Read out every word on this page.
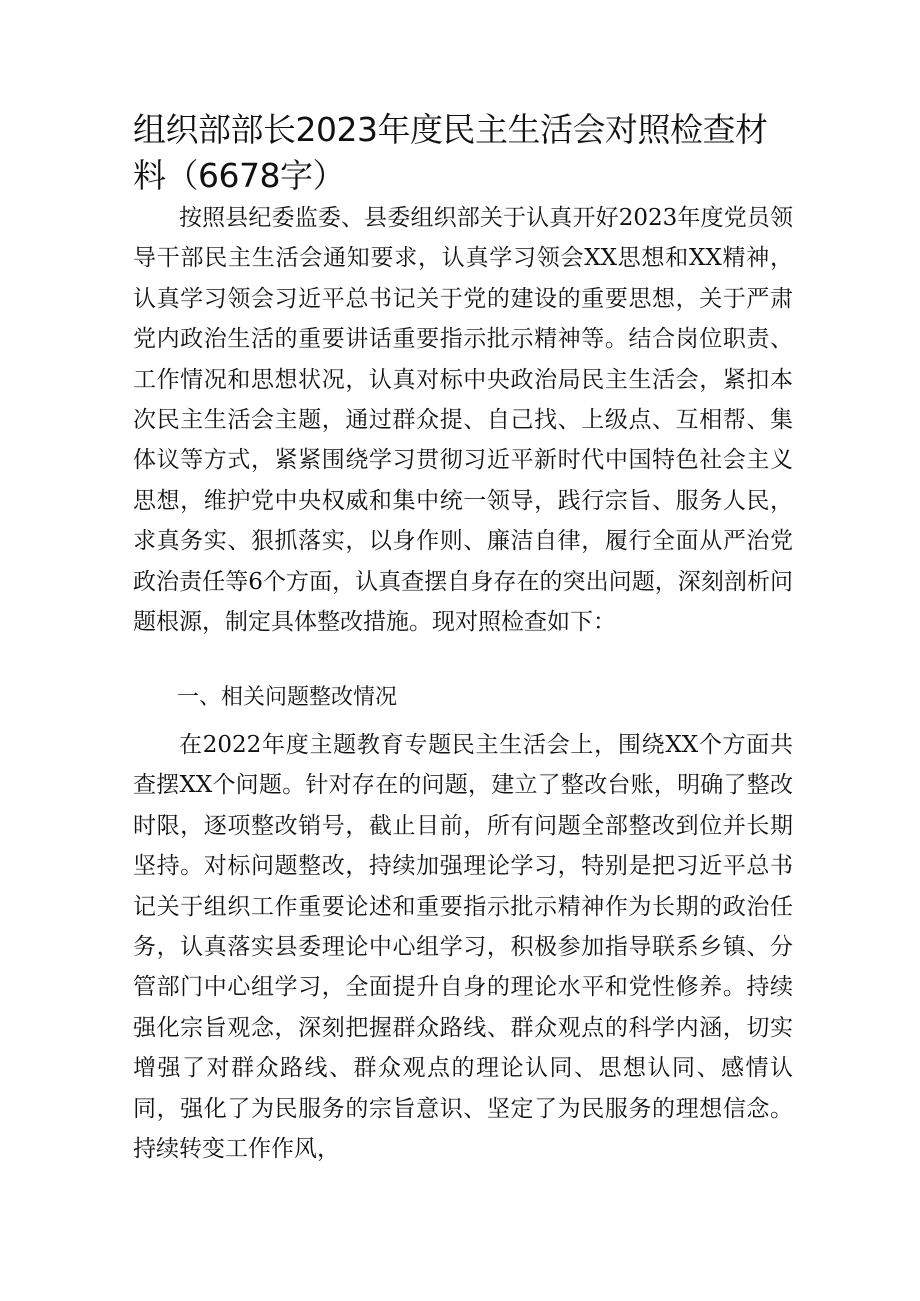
组织部部长2023年度民主生活会对照检查材料（6678字）

按照县纪委监委、县委组织部关于认真开好2023年度党员领导干部民主生活会通知要求，认真学习领会XX思想和XX精神，认真学习领会习近平总书记关于党的建设的重要思想，关于严肃党内政治生活的重要讲话重要指示批示精神等。结合岗位职责、工作情况和思想状况，认真对标中央政治局民主生活会，紧扣本次民主生活会主题，通过群众提、自己找、上级点、互相帮、集体议等方式，紧紧围绕学习贯彻习近平新时代中国特色社会主义思想，维护党中央权威和集中统一领导，践行宗旨、服务人民，求真务实、狠抓落实，以身作则、廉洁自律，履行全面从严治党政治责任等6个方面，认真查摆自身存在的突出问题，深刻剖析问题根源，制定具体整改措施。现对照检查如下：

一、相关问题整改情况

在2022年度主题教育专题民主生活会上，围绕XX个方面共查摆XX个问题。针对存在的问题，建立了整改台账，明确了整改时限，逐项整改销号，截止目前，所有问题全部整改到位并长期坚持。对标问题整改，持续加强理论学习，特别是把习近平总书记关于组织工作重要论述和重要指示批示精神作为长期的政治任务，认真落实县委理论中心组学习，积极参加指导联系乡镇、分管部门中心组学习，全面提升自身的理论水平和党性修养。持续强化宗旨观念，深刻把握群众路线、群众观点的科学内涵，切实增强了对群众路线、群众观点的理论认同、思想认同、感情认同，强化了为民服务的宗旨意识、坚定了为民服务的理想信念。持续转变工作作风，
